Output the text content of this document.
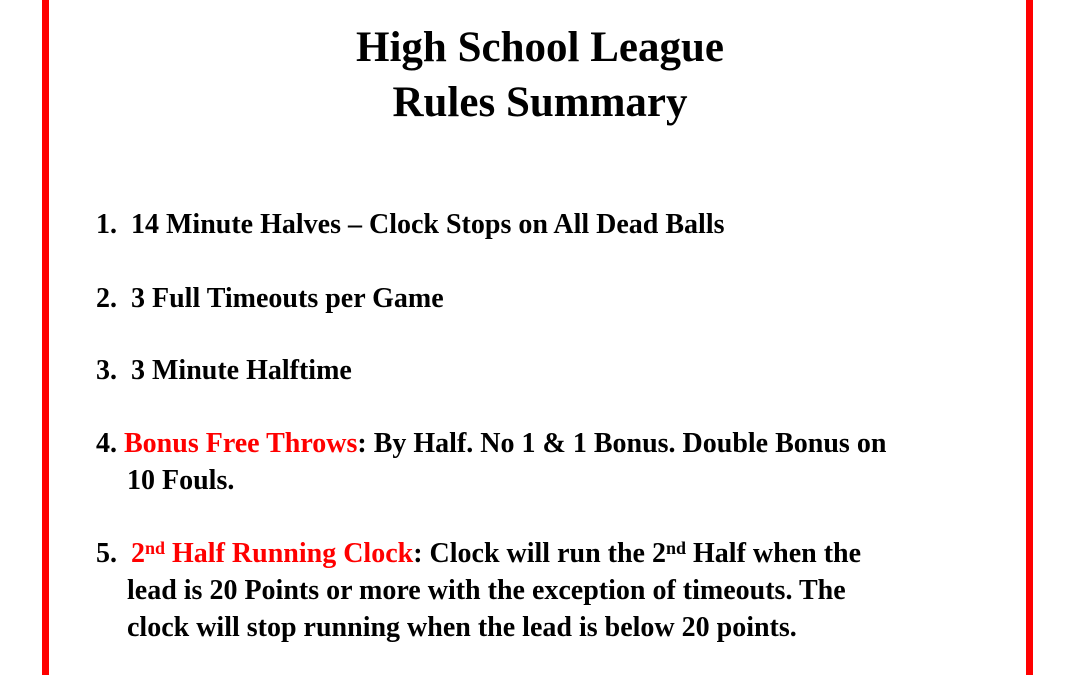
High School League
Rules Summary
1. 14 Minute Halves – Clock Stops on All Dead Balls
2. 3 Full Timeouts per Game
3. 3 Minute Halftime
4. Bonus Free Throws: By Half. No 1 & 1 Bonus. Double Bonus on
10 Fouls.
5. 2nd Half Running Clock: Clock will run the 2nd Half when the
lead is 20 Points or more with the exception of timeouts. The
clock will stop running when the lead is below 20 points.
